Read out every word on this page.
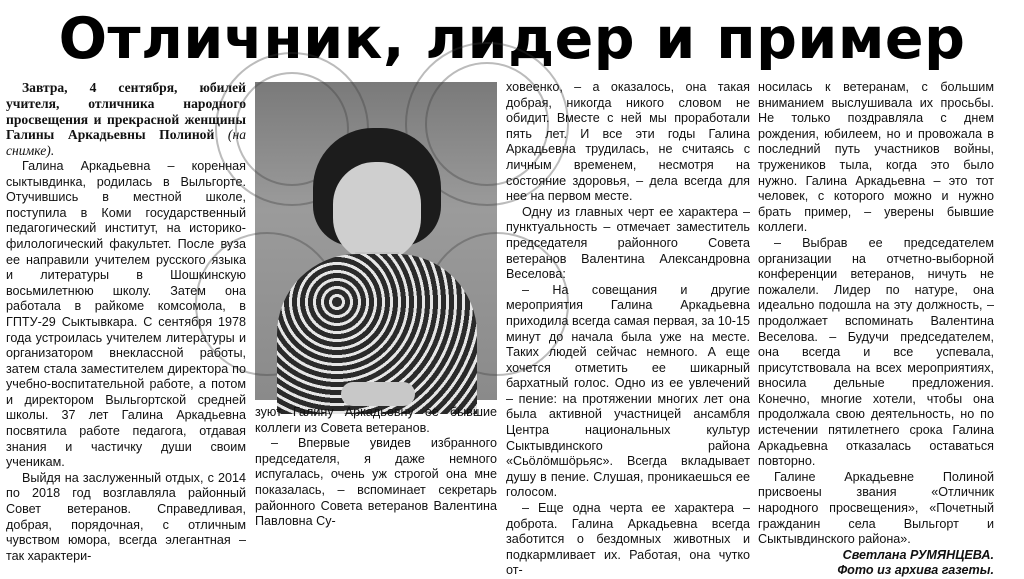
Отличник, лидер и пример

Завтра, 4 сентября, юбилей учителя, отличника народного просвещения и прекрасной женщины Галины Аркадьевны Полиной (на снимке).

Галина Аркадьевна – коренная сыктывдинка, родилась в Выльгорте. Отучившись в местной школе, поступила в Коми государственный педагогический институт, на историко-филологический факультет. После вуза ее направили учителем русского языка и литературы в Шошкинскую восьмилетнюю школу. Затем она работала в райкоме комсомола, в ГПТУ-29 Сыктывкара. С сентября 1978 года устроилась учителем литературы и организатором внеклассной работы, затем стала заместителем директора по учебно-воспитательной работе, а потом и директором Выльгортской средней школы. 37 лет Галина Аркадьевна посвятила работе педагога, отдавая знания и частичку души своим ученикам.

Выйдя на заслуженный отдых, с 2014 по 2018 год возглавляла районный Совет ветеранов. Справедливая, добрая, порядочная, с отличным чувством юмора, всегда элегантная – так характери-

зуют Галину Аркадьевну ее бывшие коллеги из Совета ветеранов.

– Впервые увидев избранного председателя, я даже немного испугалась, очень уж строгой она мне показалась, – вспоминает секретарь районного Совета ветеранов Валентина Павловна Су-

ховеенко, – а оказалось, она такая добрая, никогда никого словом не обидит. Вместе с ней мы проработали пять лет. И все эти годы Галина Аркадьевна трудилась, не считаясь с личным временем, несмотря на состояние здоровья, – дела всегда для нее на первом месте.

Одну из главных черт ее характера – пунктуальность – отмечает заместитель председателя районного Совета ветеранов Валентина Александровна Веселова:

– На совещания и другие мероприятия Галина Аркадьевна приходила всегда самая первая, за 10-15 минут до начала была уже на месте. Таких людей сейчас немного. А еще хочется отметить ее шикарный бархатный голос. Одно из ее увлечений – пение: на протяжении многих лет она была активной участницей ансамбля Центра национальных культур Сыктывдинского района «Сьӧлӧмшӧрьяс». Всегда вкладывает душу в пение. Слушая, проникаешься ее голосом.

– Еще одна черта ее характера – доброта. Галина Аркадьевна всегда заботится о бездомных животных и подкармливает их. Работая, она чутко от-

носилась к ветеранам, с большим вниманием выслушивала их просьбы. Не только поздравляла с днем рождения, юбилеем, но и провожала в последний путь участников войны, тружеников тыла, когда это было нужно. Галина Аркадьевна – это тот человек, с которого можно и нужно брать пример, – уверены бывшие коллеги.

– Выбрав ее председателем организации на отчетно-выборной конференции ветеранов, ничуть не пожалели. Лидер по натуре, она идеально подошла на эту должность, – продолжает вспоминать Валентина Веселова. – Будучи председателем, она всегда и все успевала, присутствовала на всех мероприятиях, вносила дельные предложения. Конечно, многие хотели, чтобы она продолжала свою деятельность, но по истечении пятилетнего срока Галина Аркадьевна отказалась оставаться повторно.

Галине Аркадьевне Полиной присвоены звания «Отличник народного просвещения», «Почетный гражданин села Выльгорт и Сыктывдинского района».

Светлана РУМЯНЦЕВА.

Фото из архива газеты.
